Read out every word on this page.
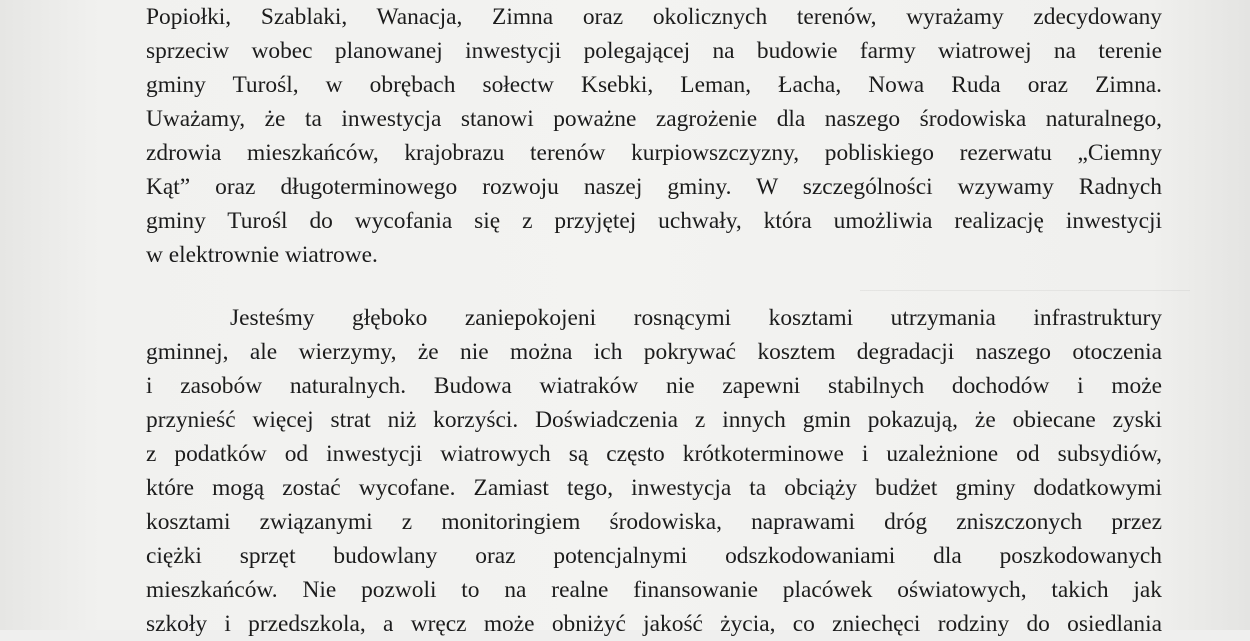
Popiołki, Szablaki, Wanacja, Zimna oraz okolicznych terenów, wyrażamy zdecydowany
sprzeciw wobec planowanej inwestycji polegającej na budowie farmy wiatrowej na terenie
gminy Turośl, w obrębach sołectw Ksebki, Leman, Łacha, Nowa Ruda oraz Zimna.
Uważamy, że ta inwestycja stanowi poważne zagrożenie dla naszego środowiska naturalnego,
zdrowia mieszkańców, krajobrazu terenów kurpiowszczyzny, pobliskiego rezerwatu „Ciemny
Kąt” oraz długoterminowego rozwoju naszej gminy. W szczególności wzywamy Radnych
gminy Turośl do wycofania się z przyjętej uchwały, która umożliwia realizację inwestycji
w elektrownie wiatrowe.
Jesteśmy głęboko zaniepokojeni rosnącymi kosztami utrzymania infrastruktury
gminnej, ale wierzymy, że nie można ich pokrywać kosztem degradacji naszego otoczenia
i zasobów naturalnych. Budowa wiatraków nie zapewni stabilnych dochodów i może
przynieść więcej strat niż korzyści. Doświadczenia z innych gmin pokazują, że obiecane zyski
z podatków od inwestycji wiatrowych są często krótkoterminowe i uzależnione od subsydiów,
które mogą zostać wycofane. Zamiast tego, inwestycja ta obciąży budżet gminy dodatkowymi
kosztami związanymi z monitoringiem środowiska, naprawami dróg zniszczonych przez
ciężki sprzęt budowlany oraz potencjalnymi odszkodowaniami dla poszkodowanych
mieszkańców. Nie pozwoli to na realne finansowanie placówek oświatowych, takich jak
szkoły i przedszkola, a wręcz może obniżyć jakość życia, co zniechęci rodziny do osiedlania
